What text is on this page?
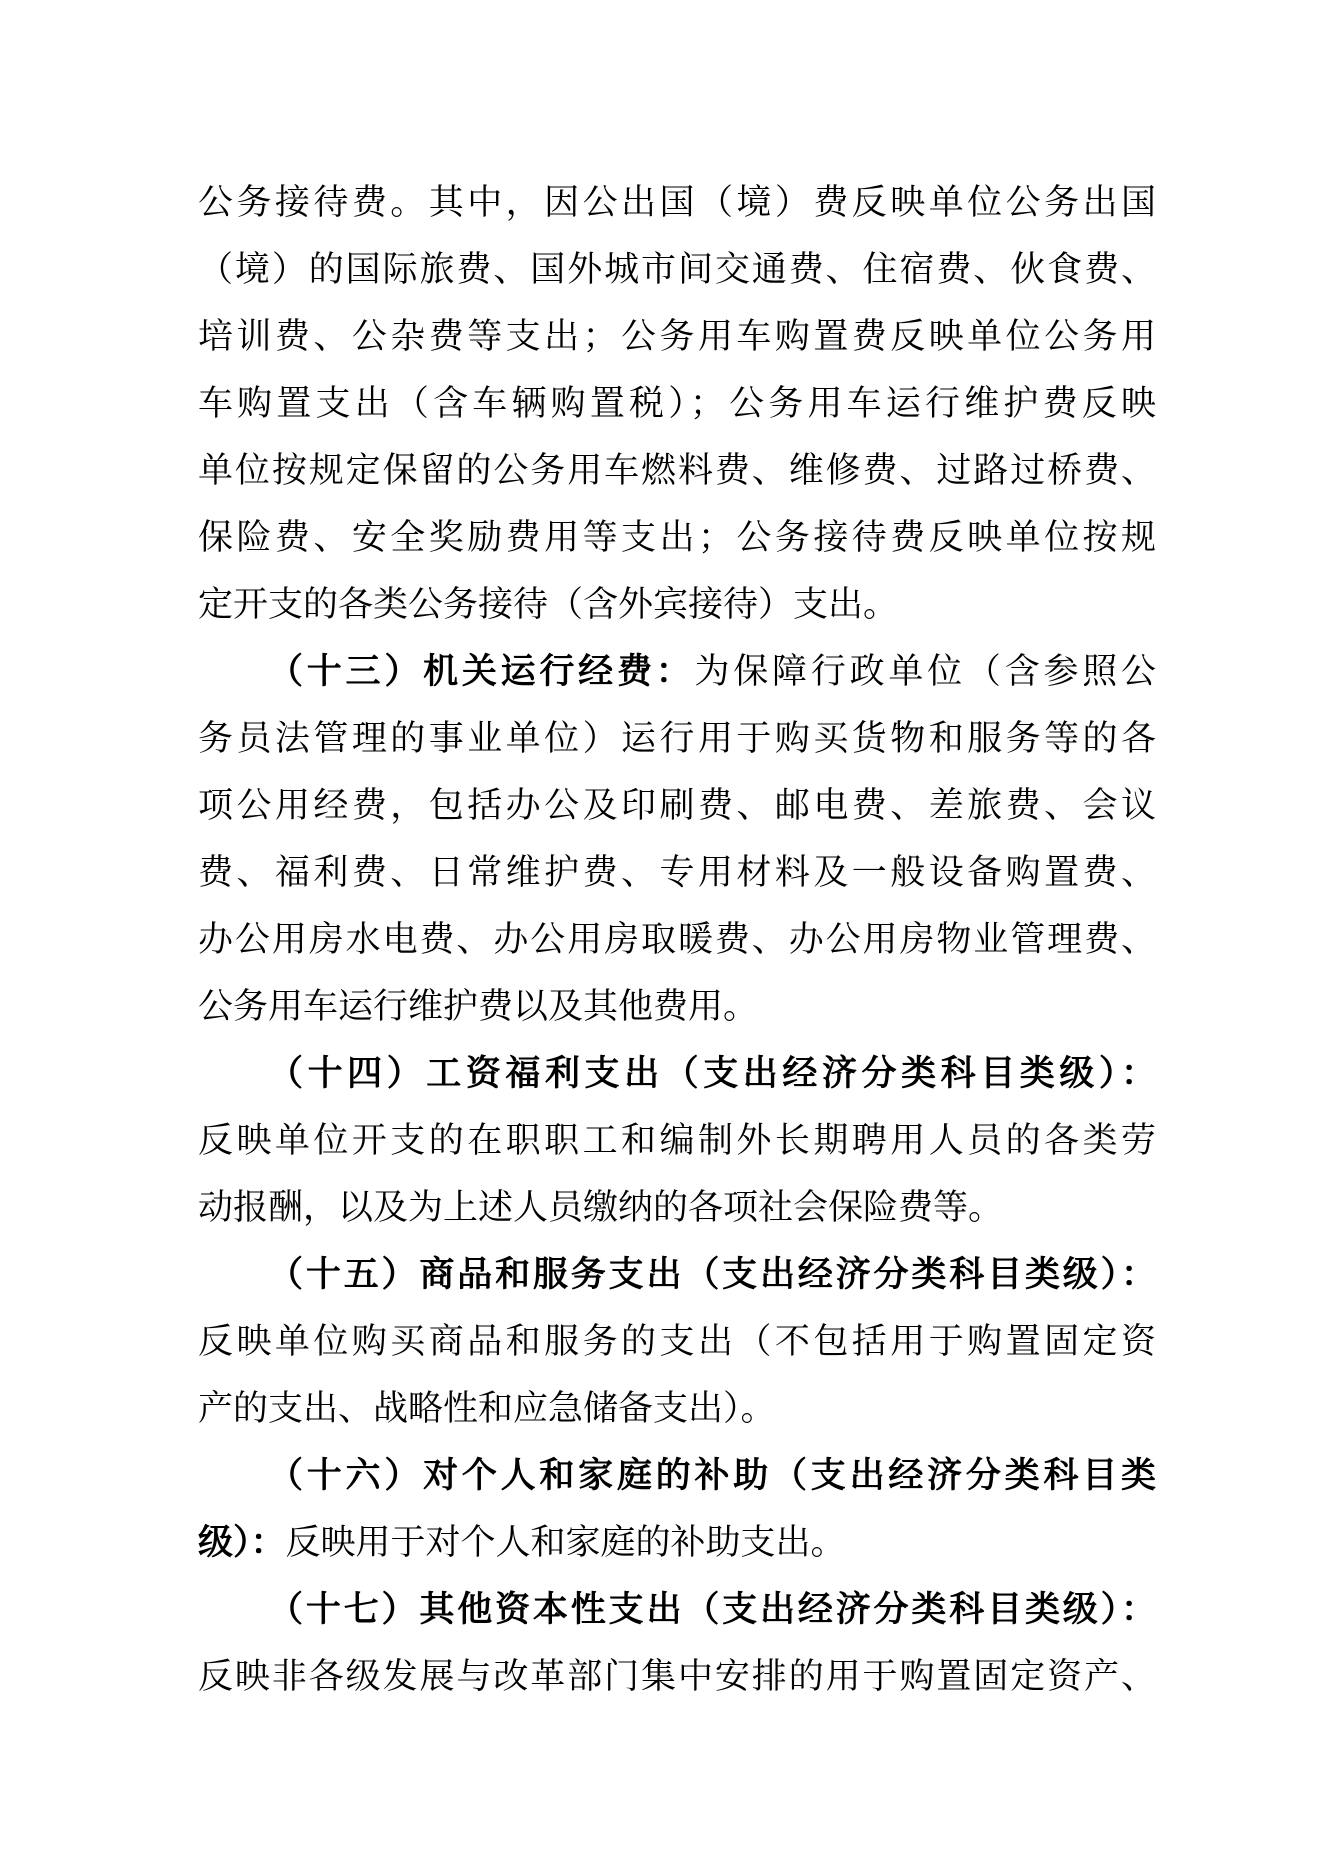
公务接待费。其中，因公出国（境）费反映单位公务出国
（境）的国际旅费、国外城市间交通费、住宿费、伙食费、
培训费、公杂费等支出；公务用车购置费反映单位公务用
车购置支出（含车辆购置税）；公务用车运行维护费反映
单位按规定保留的公务用车燃料费、维修费、过路过桥费、
保险费、安全奖励费用等支出；公务接待费反映单位按规
定开支的各类公务接待（含外宾接待）支出。
（十三）机关运行经费：为保障行政单位（含参照公
务员法管理的事业单位）运行用于购买货物和服务等的各
项公用经费，包括办公及印刷费、邮电费、差旅费、会议
费、福利费、日常维护费、专用材料及一般设备购置费、
办公用房水电费、办公用房取暖费、办公用房物业管理费、
公务用车运行维护费以及其他费用。
（十四）工资福利支出（支出经济分类科目类级）：
反映单位开支的在职职工和编制外长期聘用人员的各类劳
动报酬，以及为上述人员缴纳的各项社会保险费等。
（十五）商品和服务支出（支出经济分类科目类级）：
反映单位购买商品和服务的支出（不包括用于购置固定资
产的支出、战略性和应急储备支出）。
（十六）对个人和家庭的补助（支出经济分类科目类
级）：反映用于对个人和家庭的补助支出。
（十七）其他资本性支出（支出经济分类科目类级）：
反映非各级发展与改革部门集中安排的用于购置固定资产、
